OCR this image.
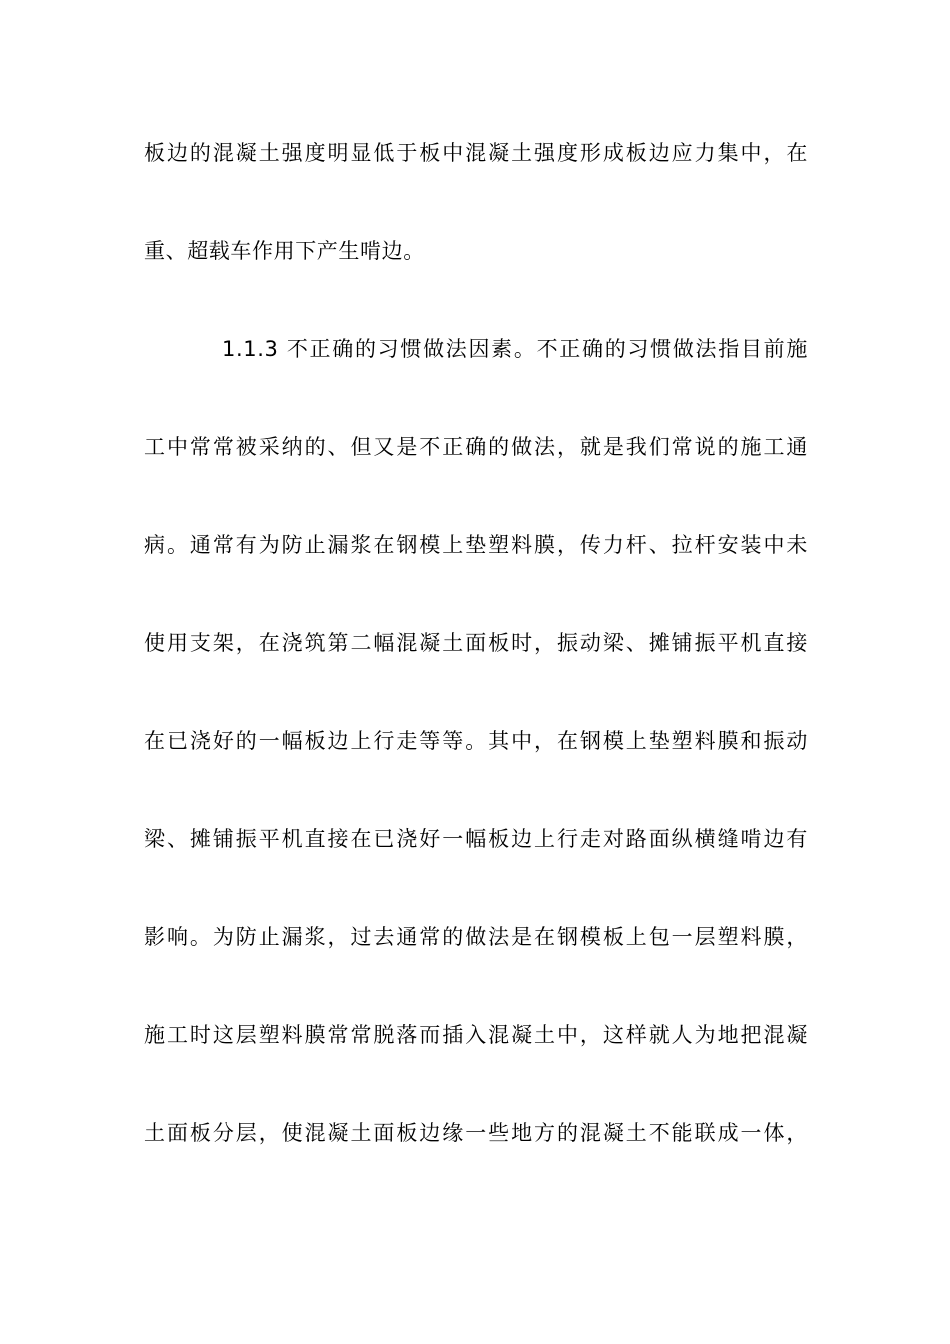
板边的混凝土强度明显低于板中混凝土强度形成板边应力集中，在
重、超载车作用下产生啃边。
1.1.3 不正确的习惯做法因素。不正确的习惯做法指目前施
工中常常被采纳的、但又是不正确的做法，就是我们常说的施工通
病。通常有为防止漏浆在钢模上垫塑料膜，传力杆、拉杆安装中未
使用支架，在浇筑第二幅混凝土面板时，振动梁、摊铺振平机直接
在已浇好的一幅板边上行走等等。其中，在钢模上垫塑料膜和振动
梁、摊铺振平机直接在已浇好一幅板边上行走对路面纵横缝啃边有
影响。为防止漏浆，过去通常的做法是在钢模板上包一层塑料膜，
施工时这层塑料膜常常脱落而插入混凝土中，这样就人为地把混凝
土面板分层，使混凝土面板边缘一些地方的混凝土不能联成一体，
